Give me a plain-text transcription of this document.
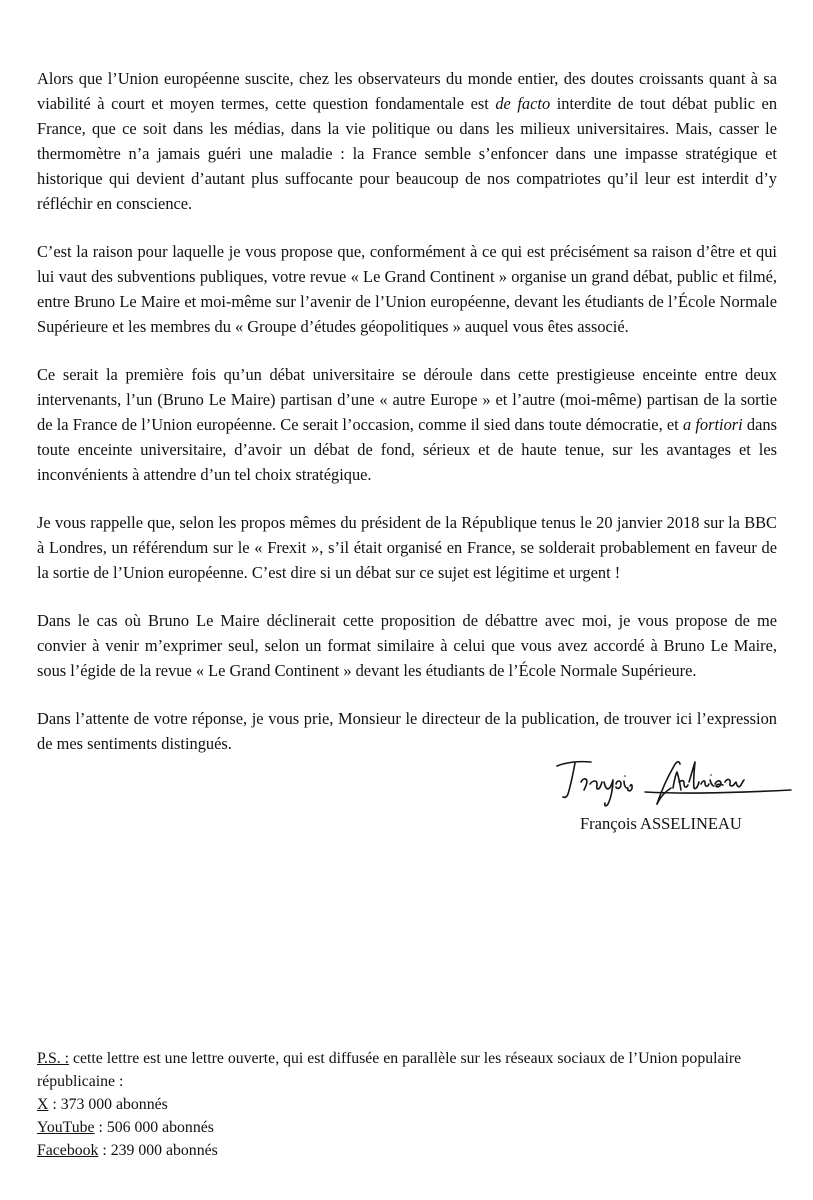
Alors que l’Union européenne suscite, chez les observateurs du monde entier, des doutes croissants quant à sa viabilité à court et moyen termes, cette question fondamentale est de facto interdite de tout débat public en France, que ce soit dans les médias, dans la vie politique ou dans les milieux universitaires. Mais, casser le thermomètre n’a jamais guéri une maladie : la France semble s’enfoncer dans une impasse stratégique et historique qui devient d’autant plus suffocante pour beaucoup de nos compatriotes qu’il leur est interdit d’y réfléchir en conscience.

C’est la raison pour laquelle je vous propose que, conformément à ce qui est précisément sa raison d’être et qui lui vaut des subventions publiques, votre revue « Le Grand Continent » organise un grand débat, public et filmé, entre Bruno Le Maire et moi-même sur l’avenir de l’Union européenne, devant les étudiants de l’École Normale Supérieure et les membres du « Groupe d’études géopolitiques » auquel vous êtes associé.

Ce serait la première fois qu’un débat universitaire se déroule dans cette prestigieuse enceinte entre deux intervenants, l’un (Bruno Le Maire) partisan d’une « autre Europe » et l’autre (moi-même) partisan de la sortie de la France de l’Union européenne. Ce serait l’occasion, comme il sied dans toute démocratie, et a fortiori dans toute enceinte universitaire, d’avoir un débat de fond, sérieux et de haute tenue, sur les avantages et les inconvénients à attendre d’un tel choix stratégique.

Je vous rappelle que, selon les propos mêmes du président de la République tenus le 20 janvier 2018 sur la BBC à Londres, un référendum sur le « Frexit », s’il était organisé en France, se solderait probablement en faveur de la sortie de l’Union européenne. C’est dire si un débat sur ce sujet est légitime et urgent !

Dans le cas où Bruno Le Maire déclinerait cette proposition de débattre avec moi, je vous propose de me convier à venir m’exprimer seul, selon un format similaire à celui que vous avez accordé à Bruno Le Maire, sous l’égide de la revue « Le Grand Continent » devant les étudiants de l’École Normale Supérieure.

Dans l’attente de votre réponse, je vous prie, Monsieur le directeur de la publication, de trouver ici l’expression de mes sentiments distingués.

François ASSELINEAU
P.S. : cette lettre est une lettre ouverte, qui est diffusée en parallèle sur les réseaux sociaux de l’Union populaire républicaine :
X : 373 000 abonnés
YouTube : 506 000 abonnés
Facebook : 239 000 abonnés
